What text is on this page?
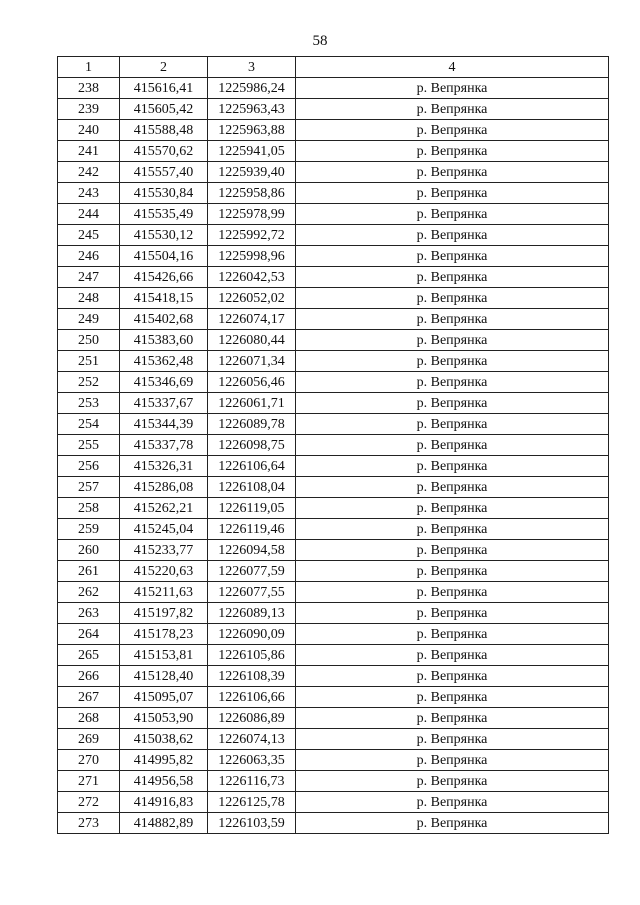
58
1	2	3	4
238	415616,41	1225986,24	р. Вепрянка
239	415605,42	1225963,43	р. Вепрянка
240	415588,48	1225963,88	р. Вепрянка
241	415570,62	1225941,05	р. Вепрянка
242	415557,40	1225939,40	р. Вепрянка
243	415530,84	1225958,86	р. Вепрянка
244	415535,49	1225978,99	р. Вепрянка
245	415530,12	1225992,72	р. Вепрянка
246	415504,16	1225998,96	р. Вепрянка
247	415426,66	1226042,53	р. Вепрянка
248	415418,15	1226052,02	р. Вепрянка
249	415402,68	1226074,17	р. Вепрянка
250	415383,60	1226080,44	р. Вепрянка
251	415362,48	1226071,34	р. Вепрянка
252	415346,69	1226056,46	р. Вепрянка
253	415337,67	1226061,71	р. Вепрянка
254	415344,39	1226089,78	р. Вепрянка
255	415337,78	1226098,75	р. Вепрянка
256	415326,31	1226106,64	р. Вепрянка
257	415286,08	1226108,04	р. Вепрянка
258	415262,21	1226119,05	р. Вепрянка
259	415245,04	1226119,46	р. Вепрянка
260	415233,77	1226094,58	р. Вепрянка
261	415220,63	1226077,59	р. Вепрянка
262	415211,63	1226077,55	р. Вепрянка
263	415197,82	1226089,13	р. Вепрянка
264	415178,23	1226090,09	р. Вепрянка
265	415153,81	1226105,86	р. Вепрянка
266	415128,40	1226108,39	р. Вепрянка
267	415095,07	1226106,66	р. Вепрянка
268	415053,90	1226086,89	р. Вепрянка
269	415038,62	1226074,13	р. Вепрянка
270	414995,82	1226063,35	р. Вепрянка
271	414956,58	1226116,73	р. Вепрянка
272	414916,83	1226125,78	р. Вепрянка
273	414882,89	1226103,59	р. Вепрянка
